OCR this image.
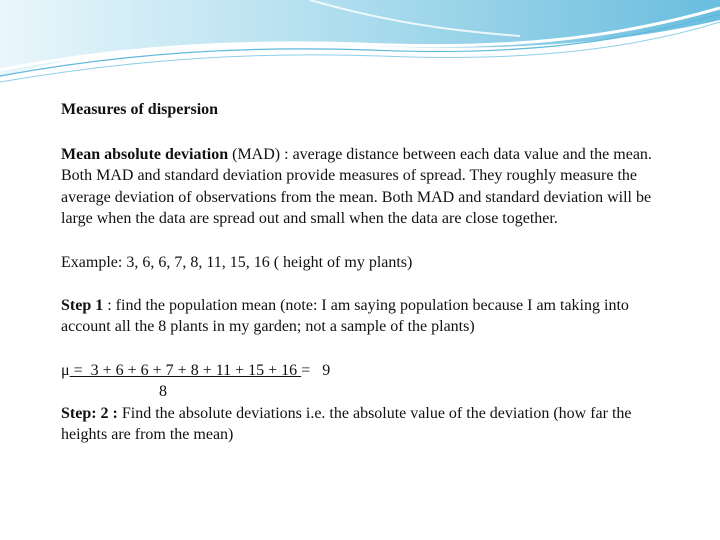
Measures of dispersion

Mean absolute deviation (MAD) : average distance between each data value and the mean.

Both MAD and standard deviation provide measures of spread. They roughly measure the average deviation of observations from the mean. Both MAD and standard deviation will be large when the data are spread out and small when the data are close together.

Example: 3, 6, 6, 7, 8, 11, 15, 16 ( height of my plants)

Step 1 : find the population mean (note: I am saying population because I am taking into account all the 8 plants in my garden; not a sample of the plants)

μ =  3 + 6 + 6 + 7 + 8 + 11 + 15 + 16 =   9
8

Step: 2 : Find the absolute deviations i.e. the absolute value of the deviation (how far the heights are from the mean)
